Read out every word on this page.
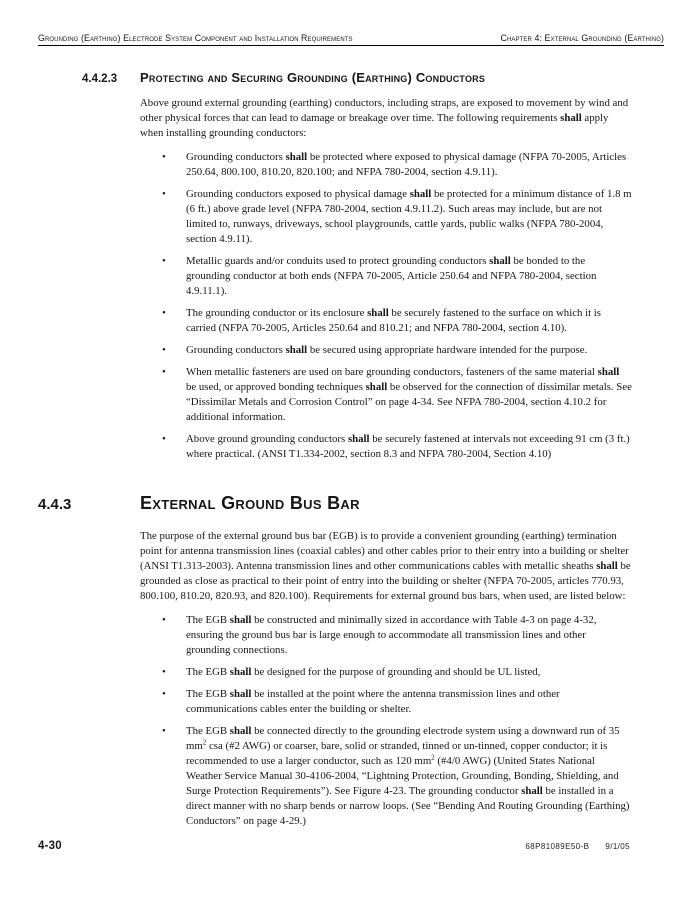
Grounding (Earthing) Electrode System Component and Installation Requirements	Chapter 4: External Grounding (Earthing)
4.4.2.3 Protecting and Securing Grounding (Earthing) Conductors

Above ground external grounding (earthing) conductors, including straps, are exposed to movement by wind and other physical forces that can lead to damage or breakage over time. The following requirements shall apply when installing grounding conductors:

•	Grounding conductors shall be protected where exposed to physical damage (NFPA 70-2005, Articles 250.64, 800.100, 810.20, 820.100; and NFPA 780-2004, section 4.9.11).
•	Grounding conductors exposed to physical damage shall be protected for a minimum distance of 1.8 m (6 ft.) above grade level (NFPA 780-2004, section 4.9.11.2). Such areas may include, but are not limited to, runways, driveways, school playgrounds, cattle yards, public walks (NFPA 780-2004, section 4.9.11).
•	Metallic guards and/or conduits used to protect grounding conductors shall be bonded to the grounding conductor at both ends (NFPA 70-2005, Article 250.64 and NFPA 780-2004, section 4.9.11.1).
•	The grounding conductor or its enclosure shall be securely fastened to the surface on which it is carried (NFPA 70-2005, Articles 250.64 and 810.21; and NFPA 780-2004, section 4.10).
•	Grounding conductors shall be secured using appropriate hardware intended for the purpose.
•	When metallic fasteners are used on bare grounding conductors, fasteners of the same material shall be used, or approved bonding techniques shall be observed for the connection of dissimilar metals. See “Dissimilar Metals and Corrosion Control” on page 4-34. See NFPA 780-2004, section 4.10.2 for additional information.
•	Above ground grounding conductors shall be securely fastened at intervals not exceeding 91 cm (3 ft.) where practical. (ANSI T1.334-2002, section 8.3 and NFPA 780-2004, Section 4.10)
4.4.3	External Ground Bus Bar

The purpose of the external ground bus bar (EGB) is to provide a convenient grounding (earthing) termination point for antenna transmission lines (coaxial cables) and other cables prior to their entry into a building or shelter (ANSI T1.313-2003). Antenna transmission lines and other communications cables with metallic sheaths shall be grounded as close as practical to their point of entry into the building or shelter (NFPA 70-2005, articles 770.93, 800.100, 810.20, 820.93, and 820.100). Requirements for external ground bus bars, when used, are listed below:

•	The EGB shall be constructed and minimally sized in accordance with Table 4-3 on page 4-32, ensuring the ground bus bar is large enough to accommodate all transmission lines and other grounding connections.
•	The EGB shall be designed for the purpose of grounding and should be UL listed,
•	The EGB shall be installed at the point where the antenna transmission lines and other communications cables enter the building or shelter.
•	The EGB shall be connected directly to the grounding electrode system using a downward run of 35 $mm^2$ csa (#2 AWG) or coarser, bare, solid or stranded, tinned or un-tinned, copper conductor; it is recommended to use a larger conductor, such as 120 $mm^2$ (#4/0 AWG) (United States National Weather Service Manual 30-4106-2004, “Lightning Protection, Grounding, Bonding, Shielding, and Surge Protection Requirements”). See Figure 4-23. The grounding conductor shall be installed in a direct manner with no sharp bends or narrow loops. (See “Bending And Routing Grounding (Earthing) Conductors” on page 4-29.)
4-30	68P81089E50-B 9/1/05
